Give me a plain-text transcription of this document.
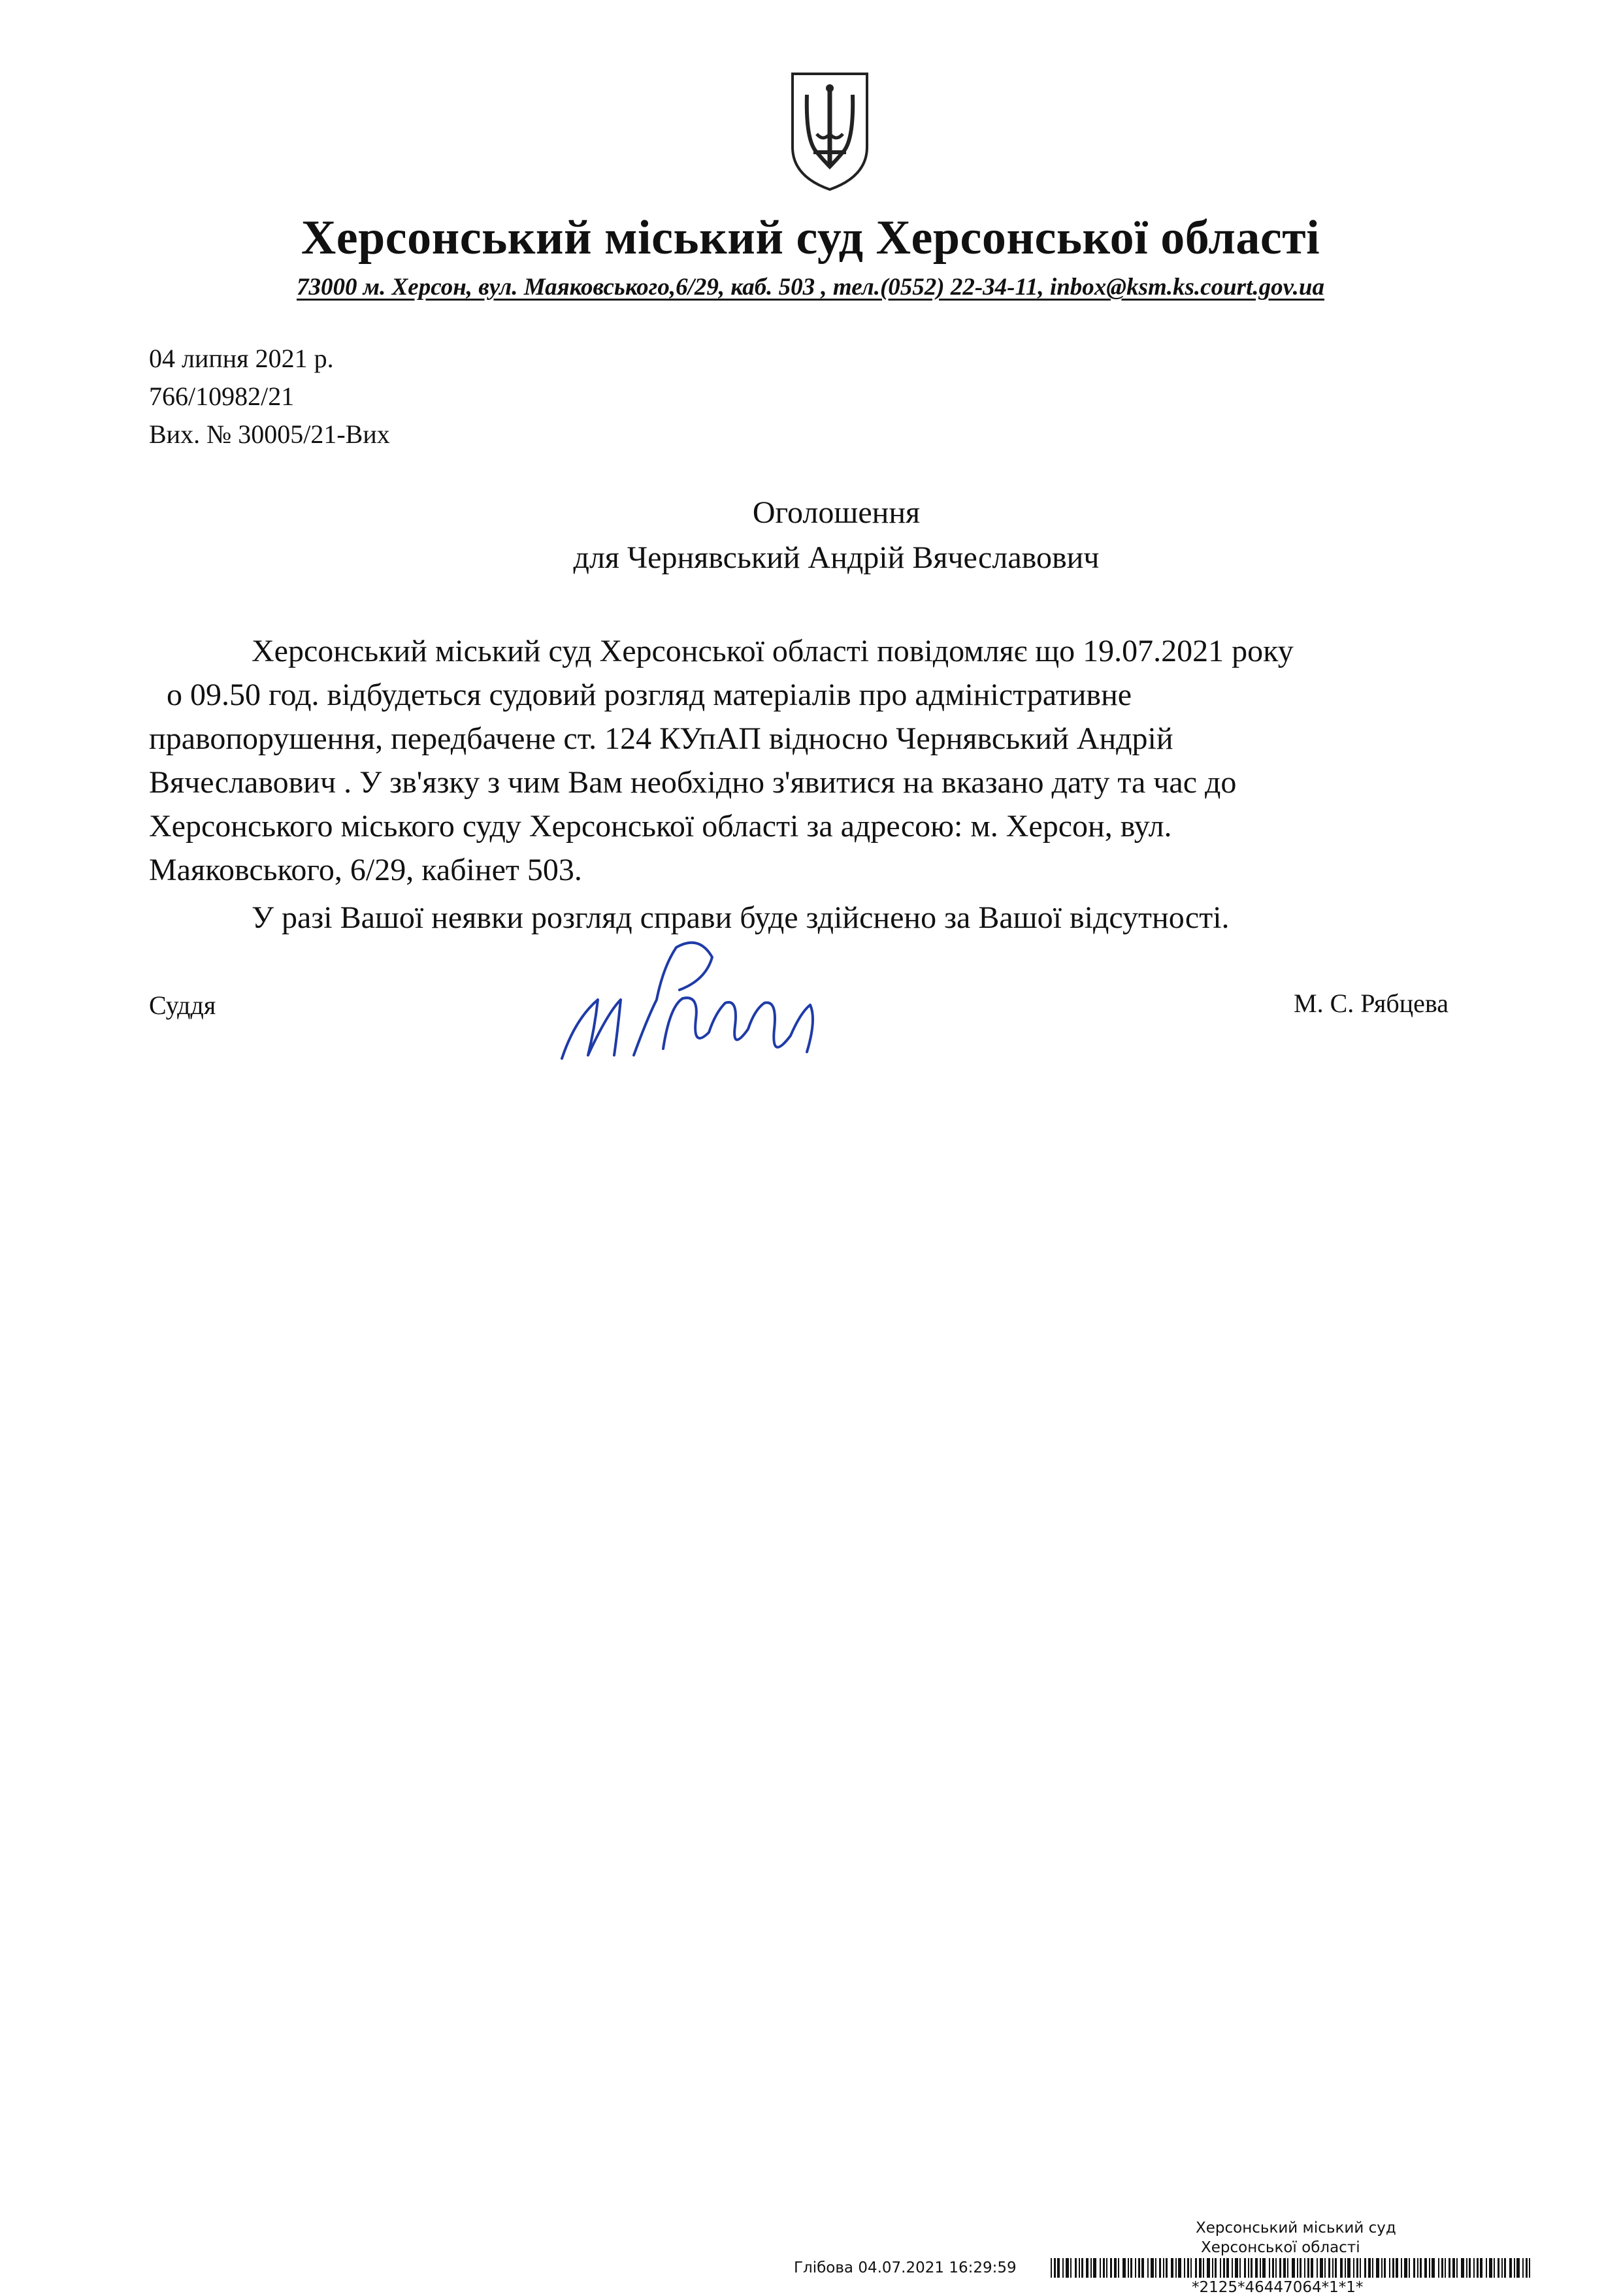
Херсонський міський суд Херсонської області
73000 м. Херсон, вул. Маяковського,6/29, каб. 503 , тел.(0552) 22-34-11, inbox@ksm.ks.court.gov.ua
04 липня 2021 р.
766/10982/21
Вих. № 30005/21-Вих
Оголошення
для Чернявський Андрій Вячеславович
Херсонський міський суд Херсонської області повідомляє що 19.07.2021 року
о 09.50 год. відбудеться судовий розгляд матеріалів про адміністративне
правопорушення, передбачене ст. 124 КУпАП відносно Чернявський Андрій
Вячеславович . У зв'язку з чим Вам необхідно з'явитися на вказано дату та час до
Херсонського міського суду Херсонської області за адресою: м. Херсон, вул.
Маяковського, 6/29, кабінет 503.
У разі Вашої неявки розгляд справи буде здійснено за Вашої відсутності.
Суддя	М. С. Рябцева
Херсонський міський суд
Херсонської області
Глібова 04.07.2021 16:29:59
*2125*46447064*1*1*
